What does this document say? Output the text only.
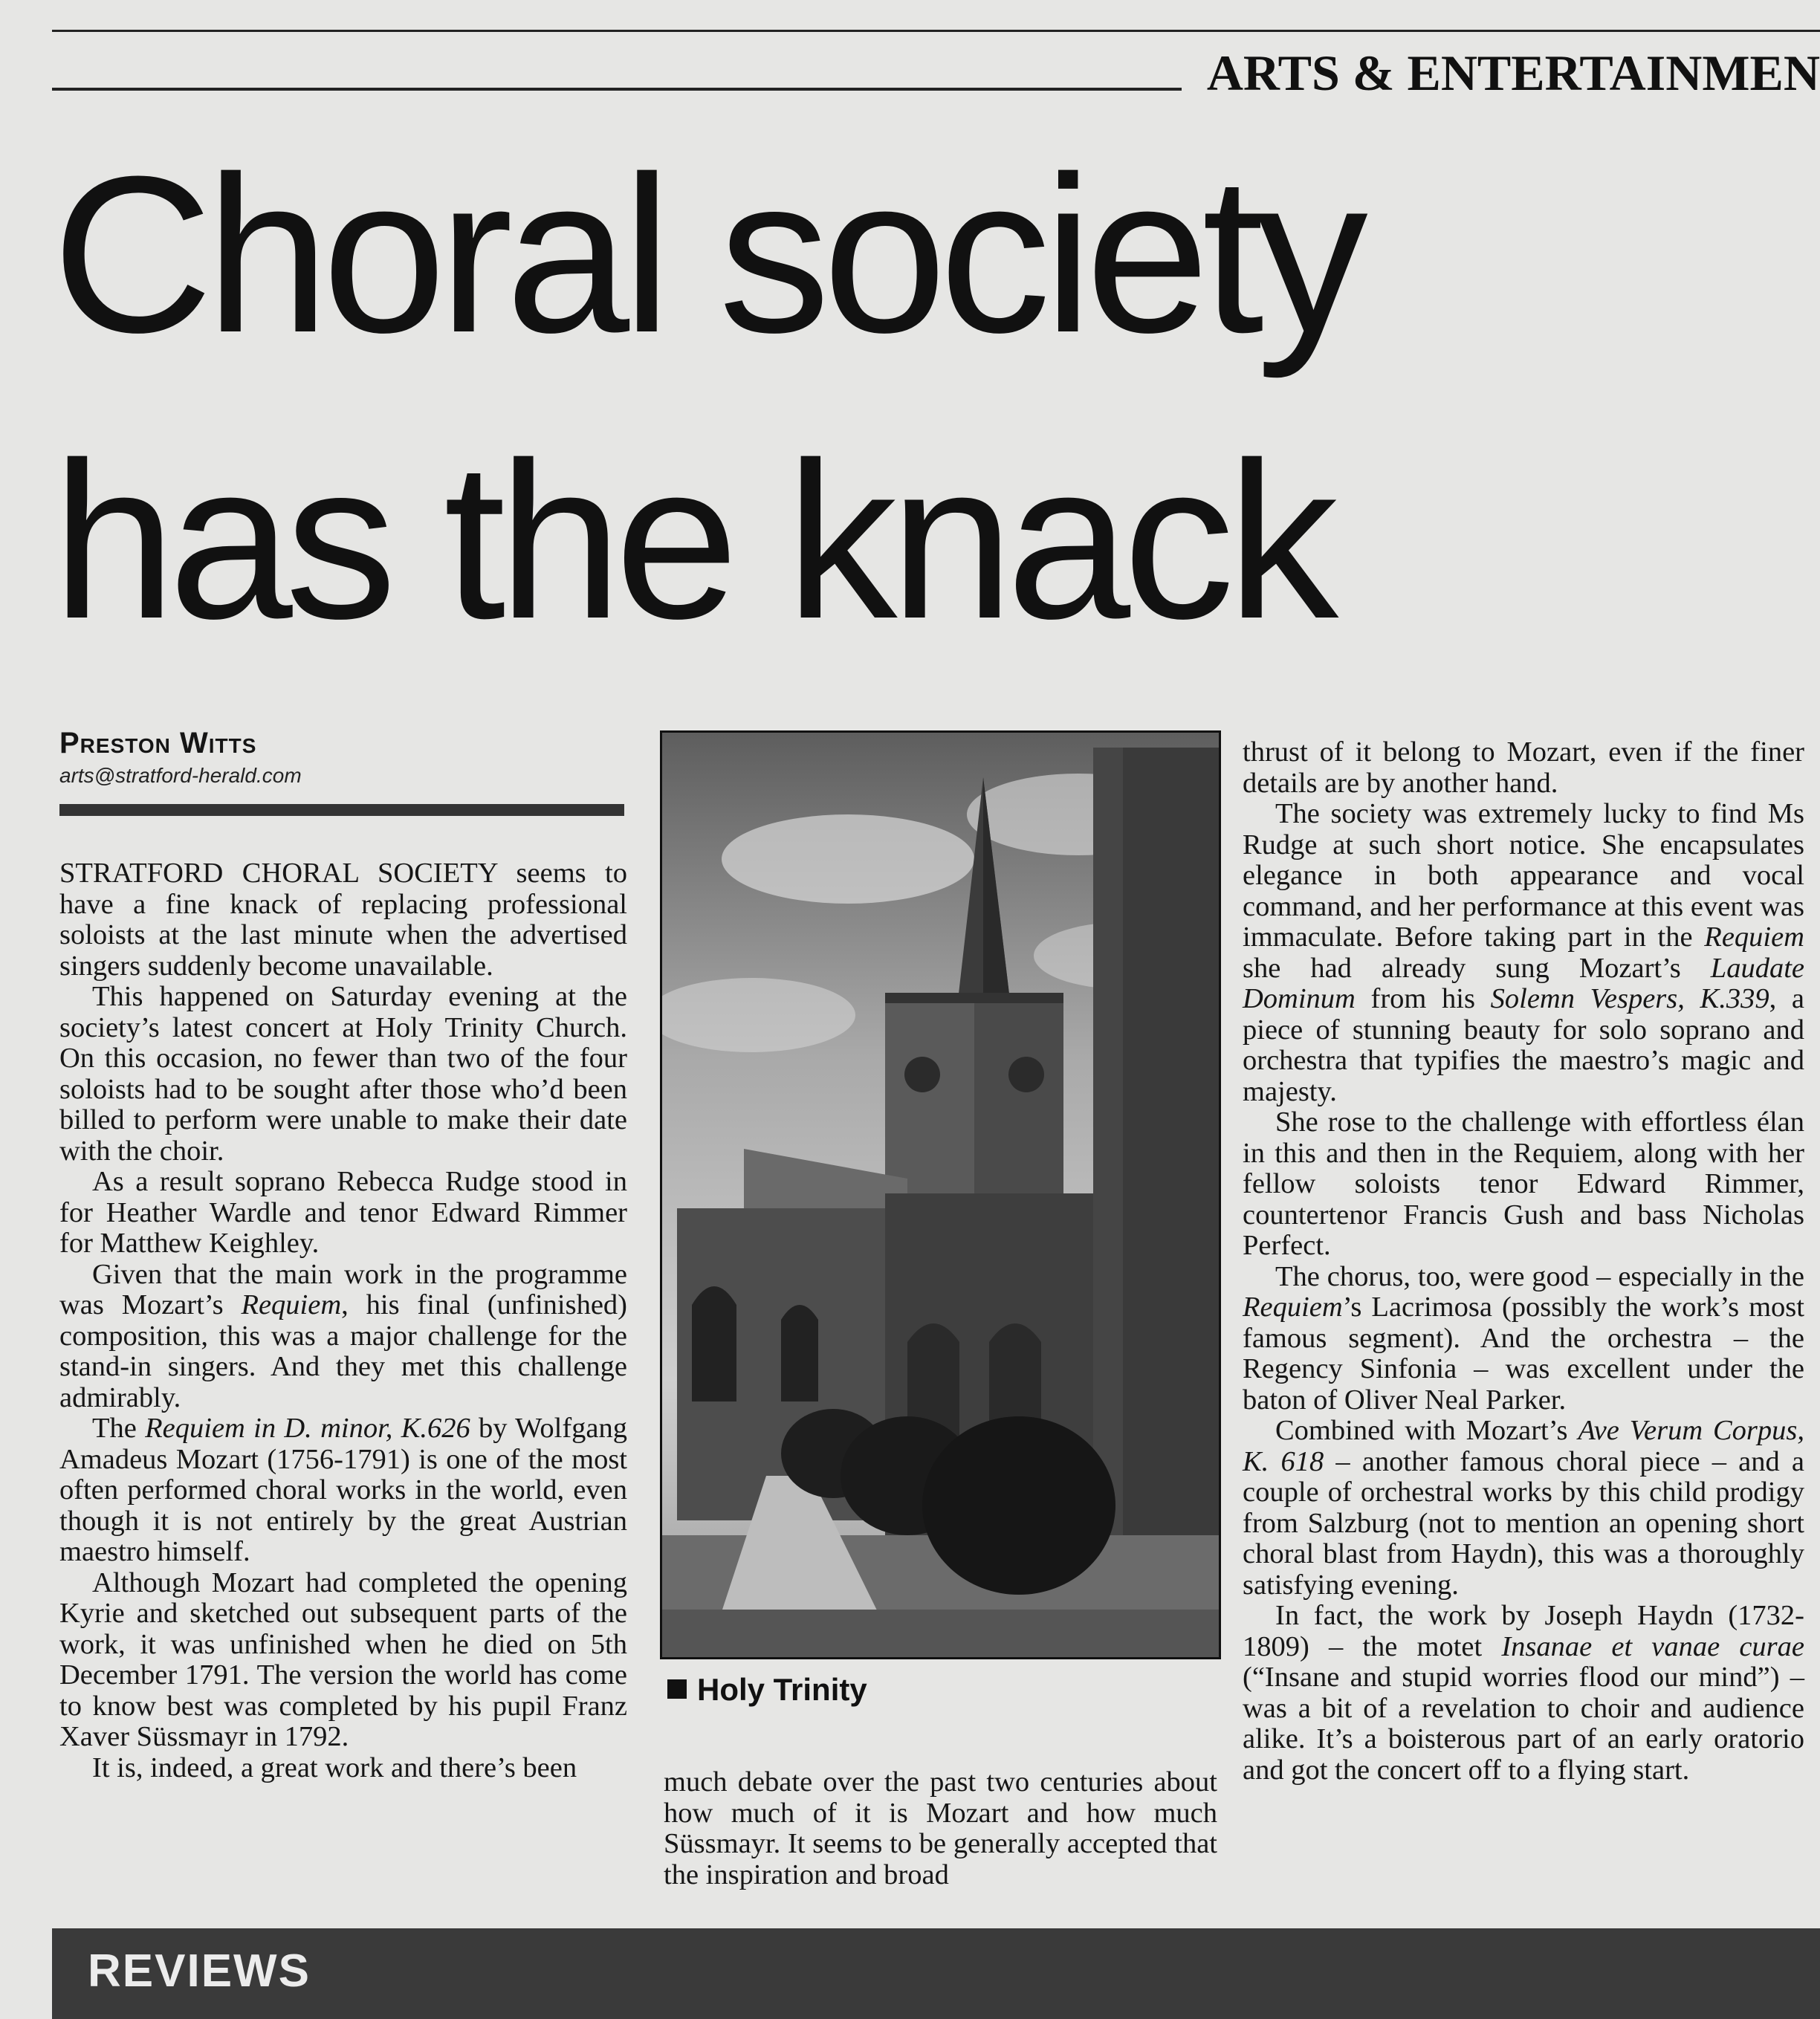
ARTS & ENTERTAINMEN
Choral society
has the knack
Preston Witts
arts@stratford-herald.com

STRATFORD CHORAL SOCIETY seems to have a fine knack of replacing professional soloists at the last minute when the advertised singers suddenly become unavailable.

This happened on Saturday evening at the society’s latest concert at Holy Trinity Church. On this occasion, no fewer than two of the four soloists had to be sought after those who’d been billed to perform were unable to make their date with the choir.

As a result soprano Rebecca Rudge stood in for Heather Wardle and tenor Edward Rimmer for Matthew Keighley.

Given that the main work in the programme was Mozart’s Requiem, his final (unfinished) composition, this was a major challenge for the stand-in singers. And they met this challenge admirably.

The Requiem in D. minor, K.626 by Wolfgang Amadeus Mozart (1756-1791) is one of the most often performed choral works in the world, even though it is not entirely by the great Austrian maestro himself.

Although Mozart had completed the opening Kyrie and sketched out subsequent parts of the work, it was unfinished when he died on 5th December 1791. The version the world has come to know best was completed by his pupil Franz Xaver Süssmayr in 1792.

It is, indeed, a great work and there’s been

Holy Trinity

much debate over the past two centuries about how much of it is Mozart and how much Süssmayr. It seems to be generally accepted that the inspiration and broad

thrust of it belong to Mozart, even if the finer details are by another hand.

The society was extremely lucky to find Ms Rudge at such short notice. She encapsulates elegance in both appearance and vocal command, and her performance at this event was immaculate. Before taking part in the Requiem she had already sung Mozart’s Laudate Dominum from his Solemn Vespers, K.339, a piece of stunning beauty for solo soprano and orchestra that typifies the maestro’s magic and majesty.

She rose to the challenge with effortless élan in this and then in the Requiem, along with her fellow soloists tenor Edward Rimmer, countertenor Francis Gush and bass Nicholas Perfect.

The chorus, too, were good – especially in the Requiem’s Lacrimosa (possibly the work’s most famous segment). And the orchestra – the Regency Sinfonia – was excellent under the baton of Oliver Neal Parker.

Combined with Mozart’s Ave Verum Corpus, K. 618 – another famous choral piece – and a couple of orchestral works by this child prodigy from Salzburg (not to mention an opening short choral blast from Haydn), this was a thoroughly satisfying evening.

In fact, the work by Joseph Haydn (1732-1809) – the motet Insanae et vanae curae (“Insane and stupid worries flood our mind”) – was a bit of a revelation to choir and audience alike. It’s a boisterous part of an early oratorio and got the concert off to a flying start.

REVIEWS
